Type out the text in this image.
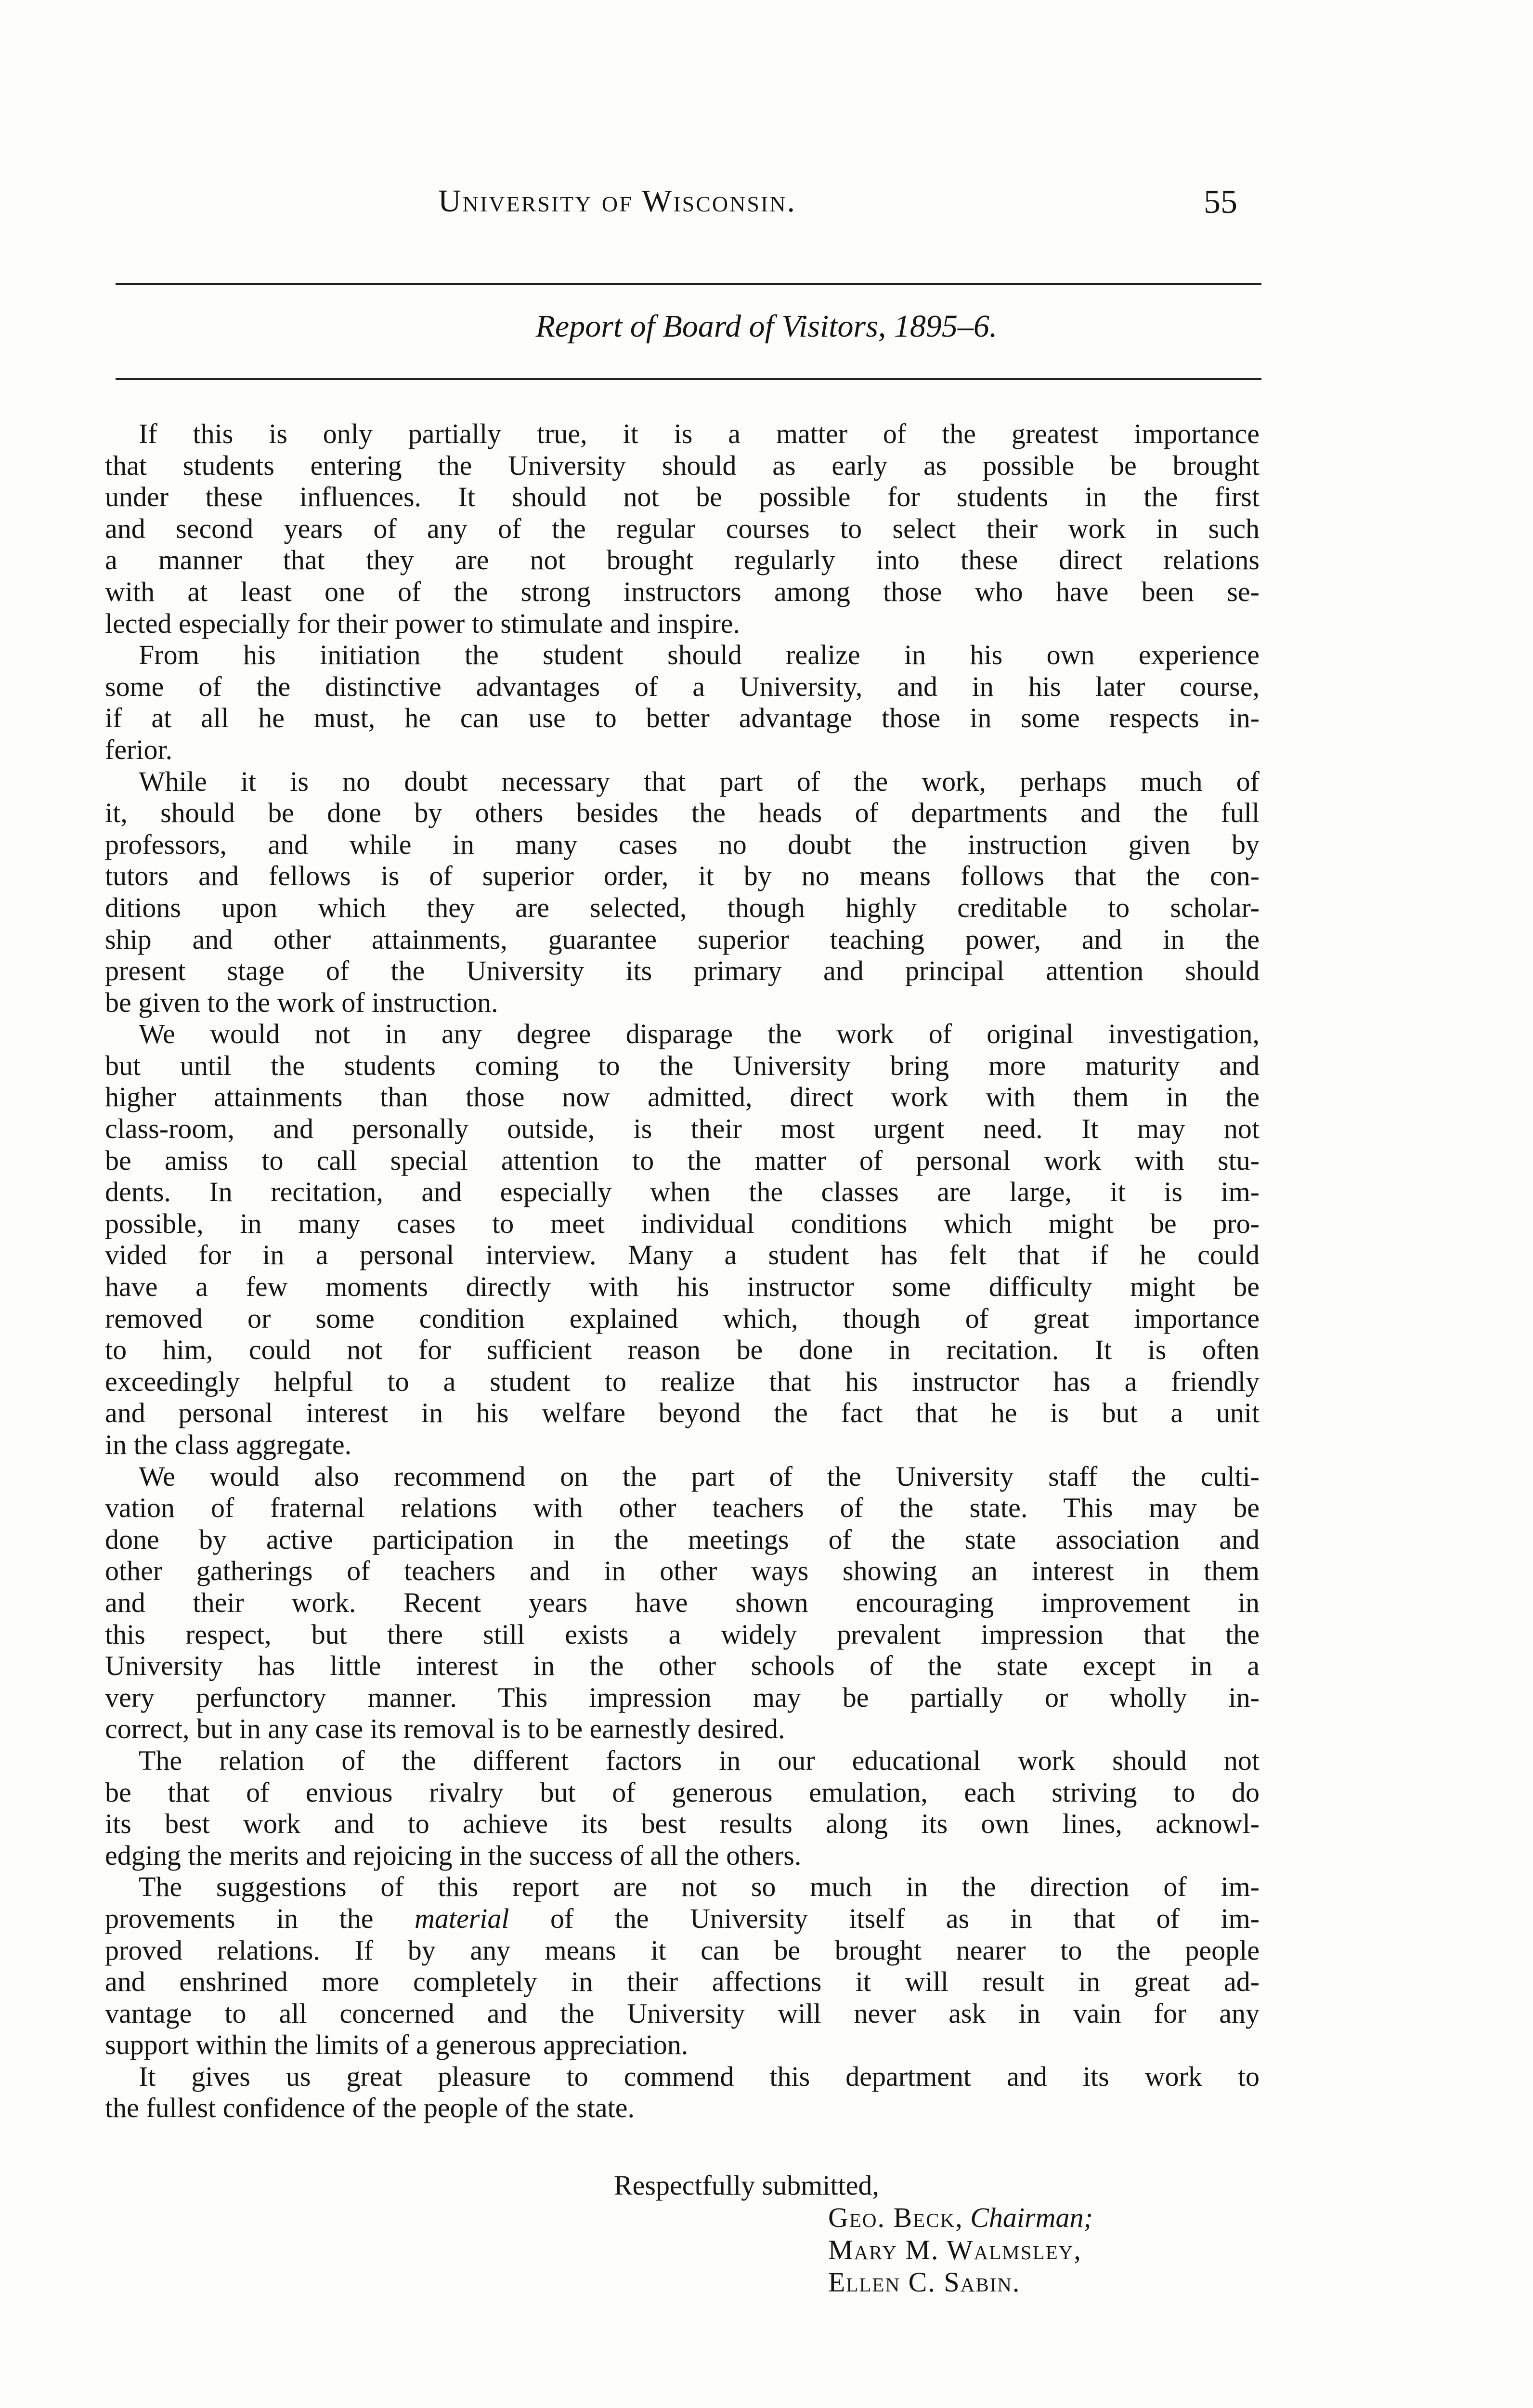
University of Wisconsin.	55
Report of Board of Visitors, 1895–6.
If this is only partially true, it is a matter of the greatest importance
that students entering the University should as early as possible be brought
under these influences. It should not be possible for students in the first
and second years of any of the regular courses to select their work in such
a manner that they are not brought regularly into these direct relations
with at least one of the strong instructors among those who have been se-
lected especially for their power to stimulate and inspire.
From his initiation the student should realize in his own experience
some of the distinctive advantages of a University, and in his later course,
if at all he must, he can use to better advantage those in some respects in-
ferior.
While it is no doubt necessary that part of the work, perhaps much of
it, should be done by others besides the heads of departments and the full
professors, and while in many cases no doubt the instruction given by
tutors and fellows is of superior order, it by no means follows that the con-
ditions upon which they are selected, though highly creditable to scholar-
ship and other attainments, guarantee superior teaching power, and in the
present stage of the University its primary and principal attention should
be given to the work of instruction.
We would not in any degree disparage the work of original investigation,
but until the students coming to the University bring more maturity and
higher attainments than those now admitted, direct work with them in the
class-room, and personally outside, is their most urgent need. It may not
be amiss to call special attention to the matter of personal work with stu-
dents. In recitation, and especially when the classes are large, it is im-
possible, in many cases to meet individual conditions which might be pro-
vided for in a personal interview. Many a student has felt that if he could
have a few moments directly with his instructor some difficulty might be
removed or some condition explained which, though of great importance
to him, could not for sufficient reason be done in recitation. It is often
exceedingly helpful to a student to realize that his instructor has a friendly
and personal interest in his welfare beyond the fact that he is but a unit
in the class aggregate.
We would also recommend on the part of the University staff the culti-
vation of fraternal relations with other teachers of the state. This may be
done by active participation in the meetings of the state association and
other gatherings of teachers and in other ways showing an interest in them
and their work. Recent years have shown encouraging improvement in
this respect, but there still exists a widely prevalent impression that the
University has little interest in the other schools of the state except in a
very perfunctory manner. This impression may be partially or wholly in-
correct, but in any case its removal is to be earnestly desired.
The relation of the different factors in our educational work should not
be that of envious rivalry but of generous emulation, each striving to do
its best work and to achieve its best results along its own lines, acknowl-
edging the merits and rejoicing in the success of all the others.
The suggestions of this report are not so much in the direction of im-
provements in the material of the University itself as in that of im-
proved relations. If by any means it can be brought nearer to the people
and enshrined more completely in their affections it will result in great ad-
vantage to all concerned and the University will never ask in vain for any
support within the limits of a generous appreciation.
It gives us great pleasure to commend this department and its work to
the fullest confidence of the people of the state.
Respectfully submitted,
Geo. Beck, Chairman;
Mary M. Walmsley,
Ellen C. Sabin.
